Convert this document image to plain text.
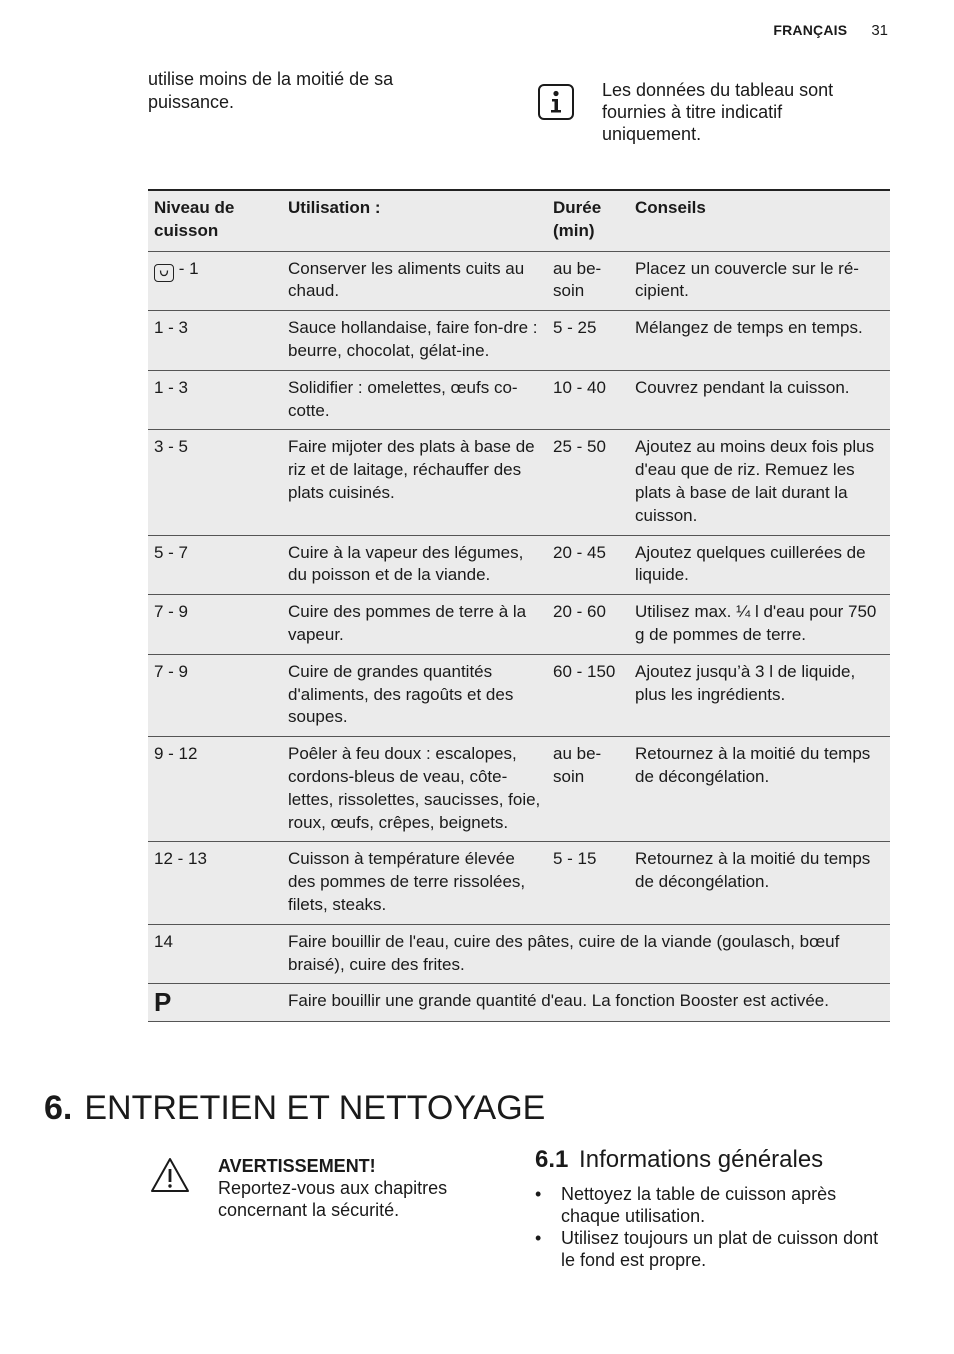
FRANÇAIS 31
utilise moins de la moitié de sa puissance.
Les données du tableau sont fournies à titre indicatif uniquement.
Niveau de cuisson	Utilisation :	Durée (min)	Conseils

- 1	Conserver les aliments cuits au chaud.	au be-soin	Placez un couvercle sur le ré-cipient.
1 - 3	Sauce hollandaise, faire fon-dre : beurre, chocolat, gélat-ine.	5 - 25	Mélangez de temps en temps.
1 - 3	Solidifier : omelettes, œufs co-cotte.	10 - 40	Couvrez pendant la cuisson.
3 - 5	Faire mijoter des plats à base de riz et de laitage, réchauffer des plats cuisinés.	25 - 50	Ajoutez au moins deux fois plus d'eau que de riz. Remuez les plats à base de lait durant la cuisson.
5 - 7	Cuire à la vapeur des légumes, du poisson et de la viande.	20 - 45	Ajoutez quelques cuillerées de liquide.
7 - 9	Cuire des pommes de terre à la vapeur.	20 - 60	Utilisez max. ¼ l d'eau pour 750 g de pommes de terre.
7 - 9	Cuire de grandes quantités d'aliments, des ragoûts et des soupes.	60 - 150	Ajoutez jusqu’à 3 l de liquide, plus les ingrédients.
9 - 12	Poêler à feu doux : escalopes, cordons-bleus de veau, côte-lettes, rissolettes, saucisses, foie, roux, œufs, crêpes, beignets.	au be-soin	Retournez à la moitié du temps de décongélation.
12 - 13	Cuisson à température élevée des pommes de terre rissolées, filets, steaks.	5 - 15	Retournez à la moitié du temps de décongélation.
14	Faire bouillir de l'eau, cuire des pâtes, cuire de la viande (goulasch, bœuf braisé), cuire des frites.		
P	Faire bouillir une grande quantité d'eau. La fonction Booster est activée.		
6. ENTRETIEN ET NETTOYAGE
AVERTISSEMENT!
Reportez-vous aux chapitres concernant la sécurité.
6.1 Informations générales
• Nettoyez la table de cuisson après chaque utilisation.
• Utilisez toujours un plat de cuisson dont le fond est propre.
